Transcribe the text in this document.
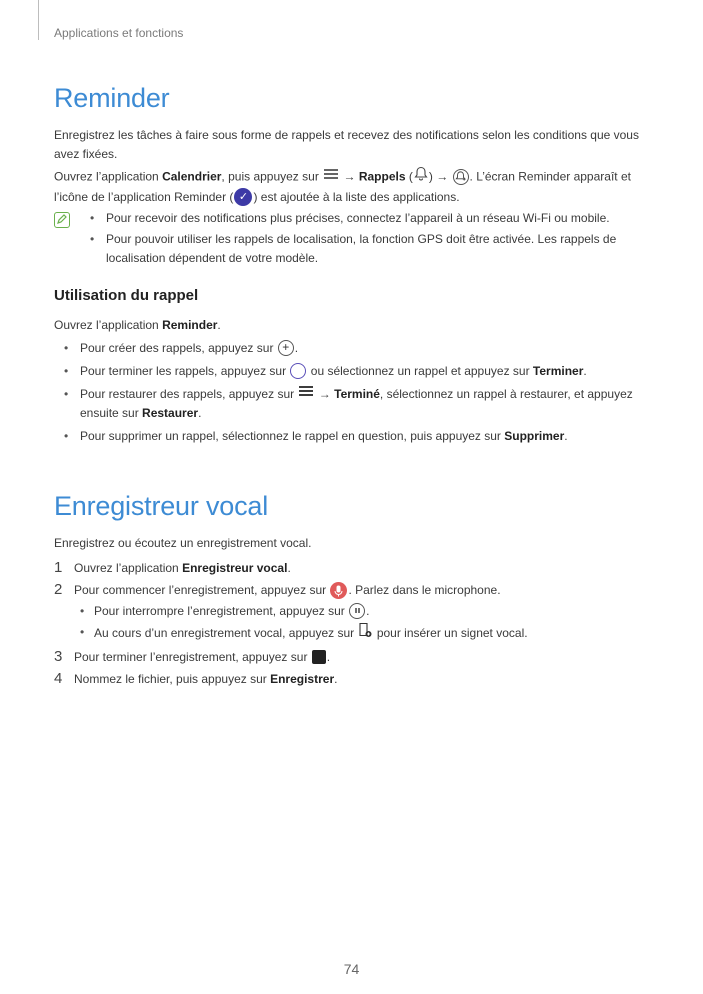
Applications et fonctions
Reminder

Enregistrez les tâches à faire sous forme de rappels et recevez des notifications selon les conditions que vous avez fixées.

Ouvrez l’application Calendrier, puis appuyez sur  → Rappels ( ) → . L’écran Reminder apparaît et l’icône de l’application Reminder ( ✓ ) est ajoutée à la liste des applications.

• Pour recevoir des notifications plus précises, connectez l’appareil à un réseau Wi-Fi ou mobile.
• Pour pouvoir utiliser les rappels de localisation, la fonction GPS doit être activée. Les rappels de localisation dépendent de votre modèle.
Utilisation du rappel

Ouvrez l’application Reminder.

• Pour créer des rappels, appuyez sur + .
• Pour terminer les rappels, appuyez sur  ou sélectionnez un rappel et appuyez sur Terminer.
• Pour restaurer des rappels, appuyez sur  → Terminé, sélectionnez un rappel à restaurer, et appuyez ensuite sur Restaurer.
• Pour supprimer un rappel, sélectionnez le rappel en question, puis appuyez sur Supprimer.
Enregistreur vocal

Enregistrez ou écoutez un enregistrement vocal.

1 Ouvrez l’application Enregistreur vocal.
2 Pour commencer l’enregistrement, appuyez sur . Parlez dans le microphone.
• Pour interrompre l’enregistrement, appuyez sur .
• Au cours d’un enregistrement vocal, appuyez sur  pour insérer un signet vocal.
3 Pour terminer l’enregistrement, appuyez sur .
4 Nommez le fichier, puis appuyez sur Enregistrer.
74
